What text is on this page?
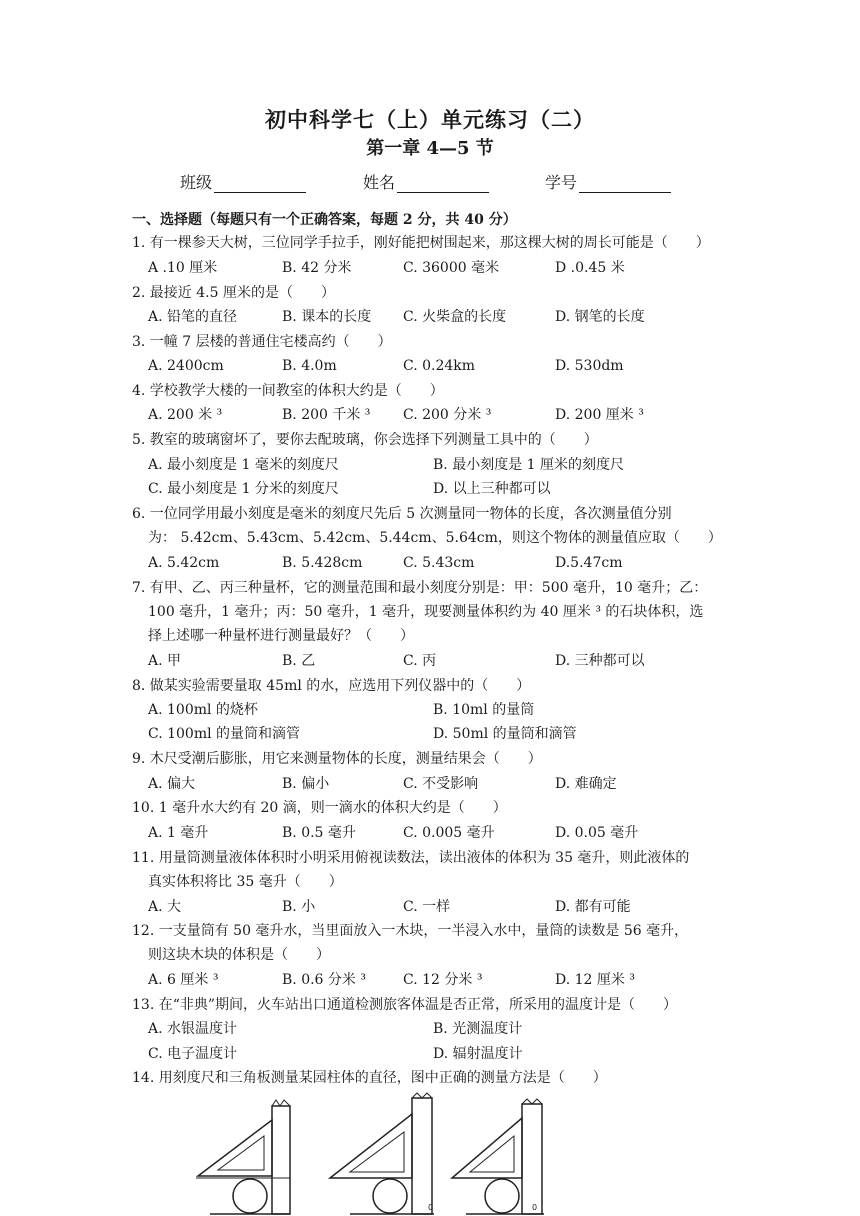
初中科学七（上）单元练习（二）
第一章 4—5 节
班级	姓名	学号
一、选择题（每题只有一个正确答案，每题 2 分，共 40 分）
1. 有一棵参天大树，三位同学手拉手，刚好能把树围起来，那这棵大树的周长可能是（　　）
A .10 厘米	B. 42 分米	C. 36000 毫米	D .0.45 米
2. 最接近 4.5 厘米的是（　　）
A. 铅笔的直径	B. 课本的长度 C. 火柴盒的长度	D. 钢笔的长度
3. 一幢 7 层楼的普通住宅楼高约（　　）
A. 2400cm	B. 4.0m	C. 0.24km	D. 530dm
4. 学校教学大楼的一间教室的体积大约是（　　）
A. 200 米 ³	B. 200 千米 ³ C. 200 分米 ³	D. 200 厘米 ³
5. 教室的玻璃窗坏了，要你去配玻璃，你会选择下列测量工具中的（　　）
A. 最小刻度是 1 毫米的刻度尺	B. 最小刻度是 1 厘米的刻度尺
C. 最小刻度是 1 分米的刻度尺	D. 以上三种都可以
6. 一位同学用最小刻度是毫米的刻度尺先后 5 次测量同一物体的长度，各次测量值分别
为： 5.42cm、5.43cm、5.42cm、5.44cm、5.64cm，则这个物体的测量值应取（　　）
A. 5.42cm	B. 5.428cm	C. 5.43cm	D.5.47cm
7. 有甲、乙、丙三种量杯，它的测量范围和最小刻度分别是：甲：500 毫升，10 毫升；乙：
100 毫升，1 毫升；丙：50 毫升，1 毫升，现要测量体积约为 40 厘米 ³ 的石块体积，选
择上述哪一种量杯进行测量最好？（　　）
A. 甲	B. 乙	C. 丙	D. 三种都可以
8. 做某实验需要量取 45ml 的水，应选用下列仪器中的（　　）
A. 100ml 的烧杯	B. 10ml 的量筒
C. 100ml 的量筒和滴管	D. 50ml 的量筒和滴管
9. 木尺受潮后膨胀，用它来测量物体的长度，测量结果会（　　）
A. 偏大	B. 偏小	C. 不受影响	D. 难确定
10. 1 毫升水大约有 20 滴，则一滴水的体积大约是（　　）
A. 1 毫升	B. 0.5 毫升	C. 0.005 毫升	D. 0.05 毫升
11. 用量筒测量液体体积时小明采用俯视读数法，读出液体的体积为 35 毫升，则此液体的
真实体积将比 35 毫升（　　）
A. 大	B. 小	C. 一样	D. 都有可能
12. 一支量筒有 50 毫升水，当里面放入一木块，一半浸入水中，量筒的读数是 56 毫升，
则这块木块的体积是（　　）
A. 6 厘米 ³	B. 0.6 分米 ³	C. 12 分米 ³	D. 12 厘米 ³
13. 在“非典”期间，火车站出口通道检测旅客体温是否正常，所采用的温度计是（　　）
A. 水银温度计	B. 光测温度计
C. 电子温度计	D. 辐射温度计
14. 用刻度尺和三角板测量某园柱体的直径，图中正确的测量方法是（　　）
0	0
